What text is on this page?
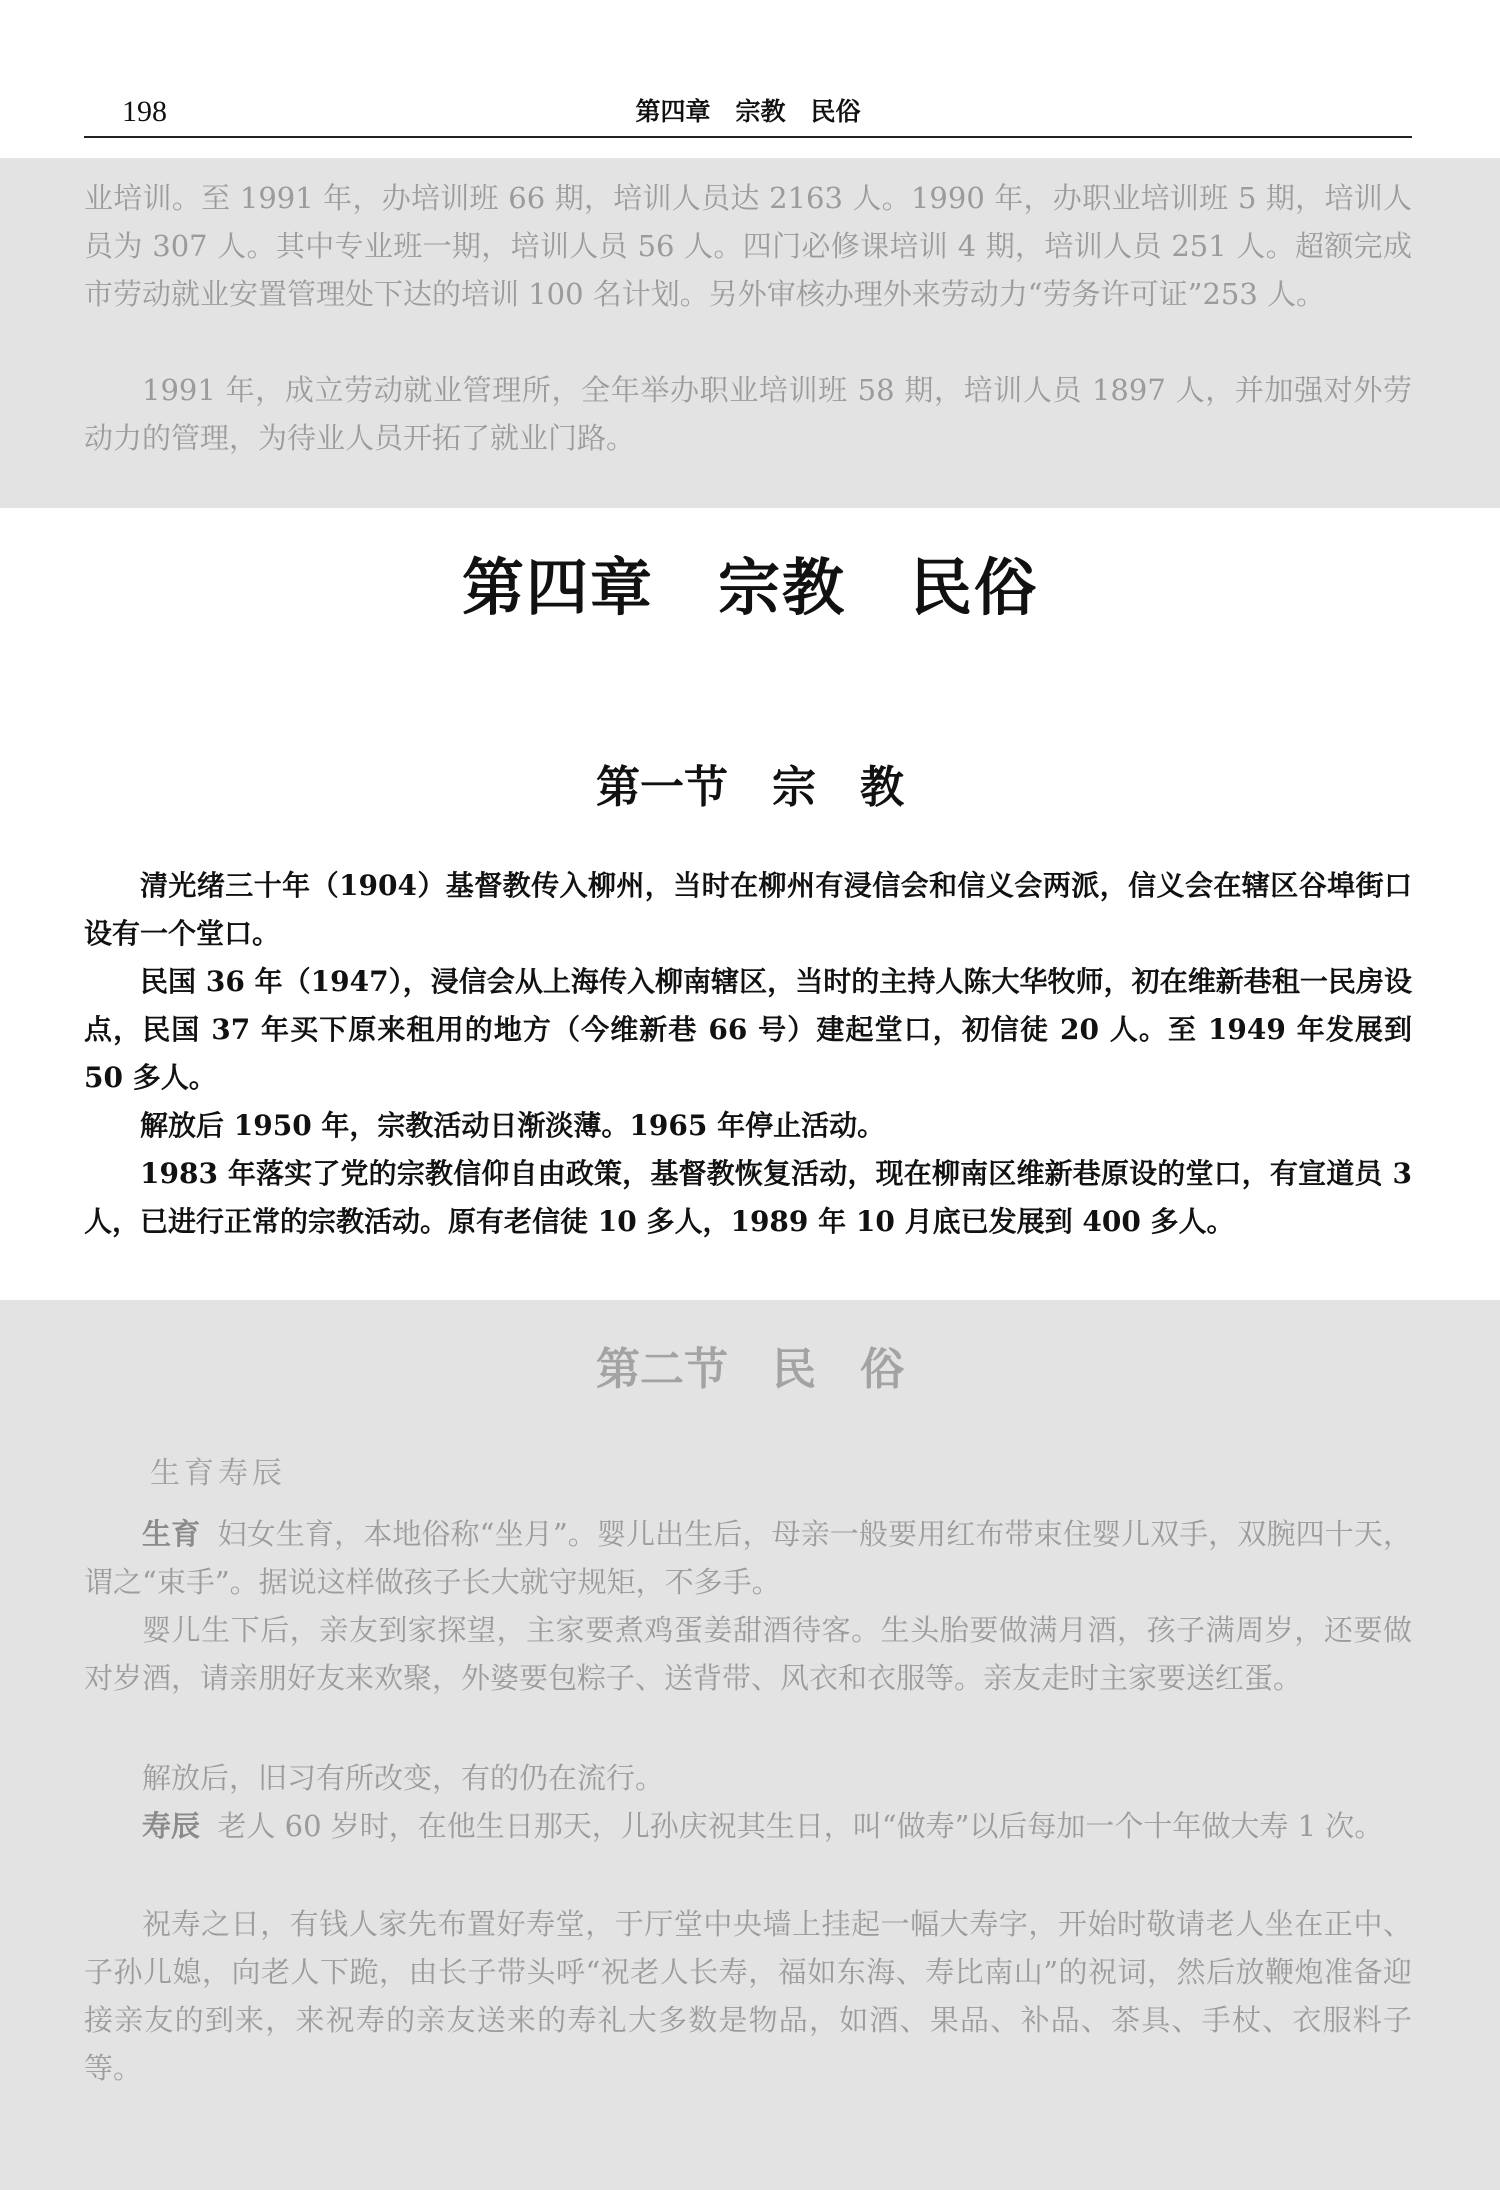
198	第四章　宗教　民俗

业培训。至 1991 年，办培训班 66 期，培训人员达 2163 人。1990 年，办职业培训班 5 期，培训人员为 307 人。其中专业班一期，培训人员 56 人。四门必修课培训 4 期，培训人员 251 人。超额完成市劳动就业安置管理处下达的培训 100 名计划。另外审核办理外来劳动力“劳务许可证”253 人。

1991 年，成立劳动就业管理所，全年举办职业培训班 58 期，培训人员 1897 人，并加强对外劳动力的管理，为待业人员开拓了就业门路。

第四章　宗教　民俗
第一节　宗　教

清光绪三十年（1904）基督教传入柳州，当时在柳州有浸信会和信义会两派，信义会在辖区谷埠街口设有一个堂口。

民国 36 年（1947），浸信会从上海传入柳南辖区，当时的主持人陈大华牧师，初在维新巷租一民房设点，民国 37 年买下原来租用的地方（今维新巷 66 号）建起堂口，初信徒 20 人。至 1949 年发展到 50 多人。

解放后 1950 年，宗教活动日渐淡薄。1965 年停止活动。

1983 年落实了党的宗教信仰自由政策，基督教恢复活动，现在柳南区维新巷原设的堂口，有宣道员 3 人，已进行正常的宗教活动。原有老信徒 10 多人，1989 年 10 月底已发展到 400 多人。

第二节　民　俗
生育寿辰

生育 妇女生育，本地俗称“坐月”。婴儿出生后，母亲一般要用红布带束住婴儿双手，双腕四十天，谓之“束手”。据说这样做孩子长大就守规矩，不多手。

婴儿生下后，亲友到家探望，主家要煮鸡蛋姜甜酒待客。生头胎要做满月酒，孩子满周岁，还要做对岁酒，请亲朋好友来欢聚，外婆要包粽子、送背带、风衣和衣服等。亲友走时主家要送红蛋。

解放后，旧习有所改变，有的仍在流行。

寿辰 老人 60 岁时，在他生日那天，儿孙庆祝其生日，叫“做寿”以后每加一个十年做大寿 1 次。

祝寿之日，有钱人家先布置好寿堂，于厅堂中央墙上挂起一幅大寿字，开始时敬请老人坐在正中、子孙儿媳，向老人下跪，由长子带头呼“祝老人长寿，福如东海、寿比南山”的祝词，然后放鞭炮准备迎接亲友的到来，来祝寿的亲友送来的寿礼大多数是物品，如酒、果品、补品、茶具、手杖、衣服料子等。
